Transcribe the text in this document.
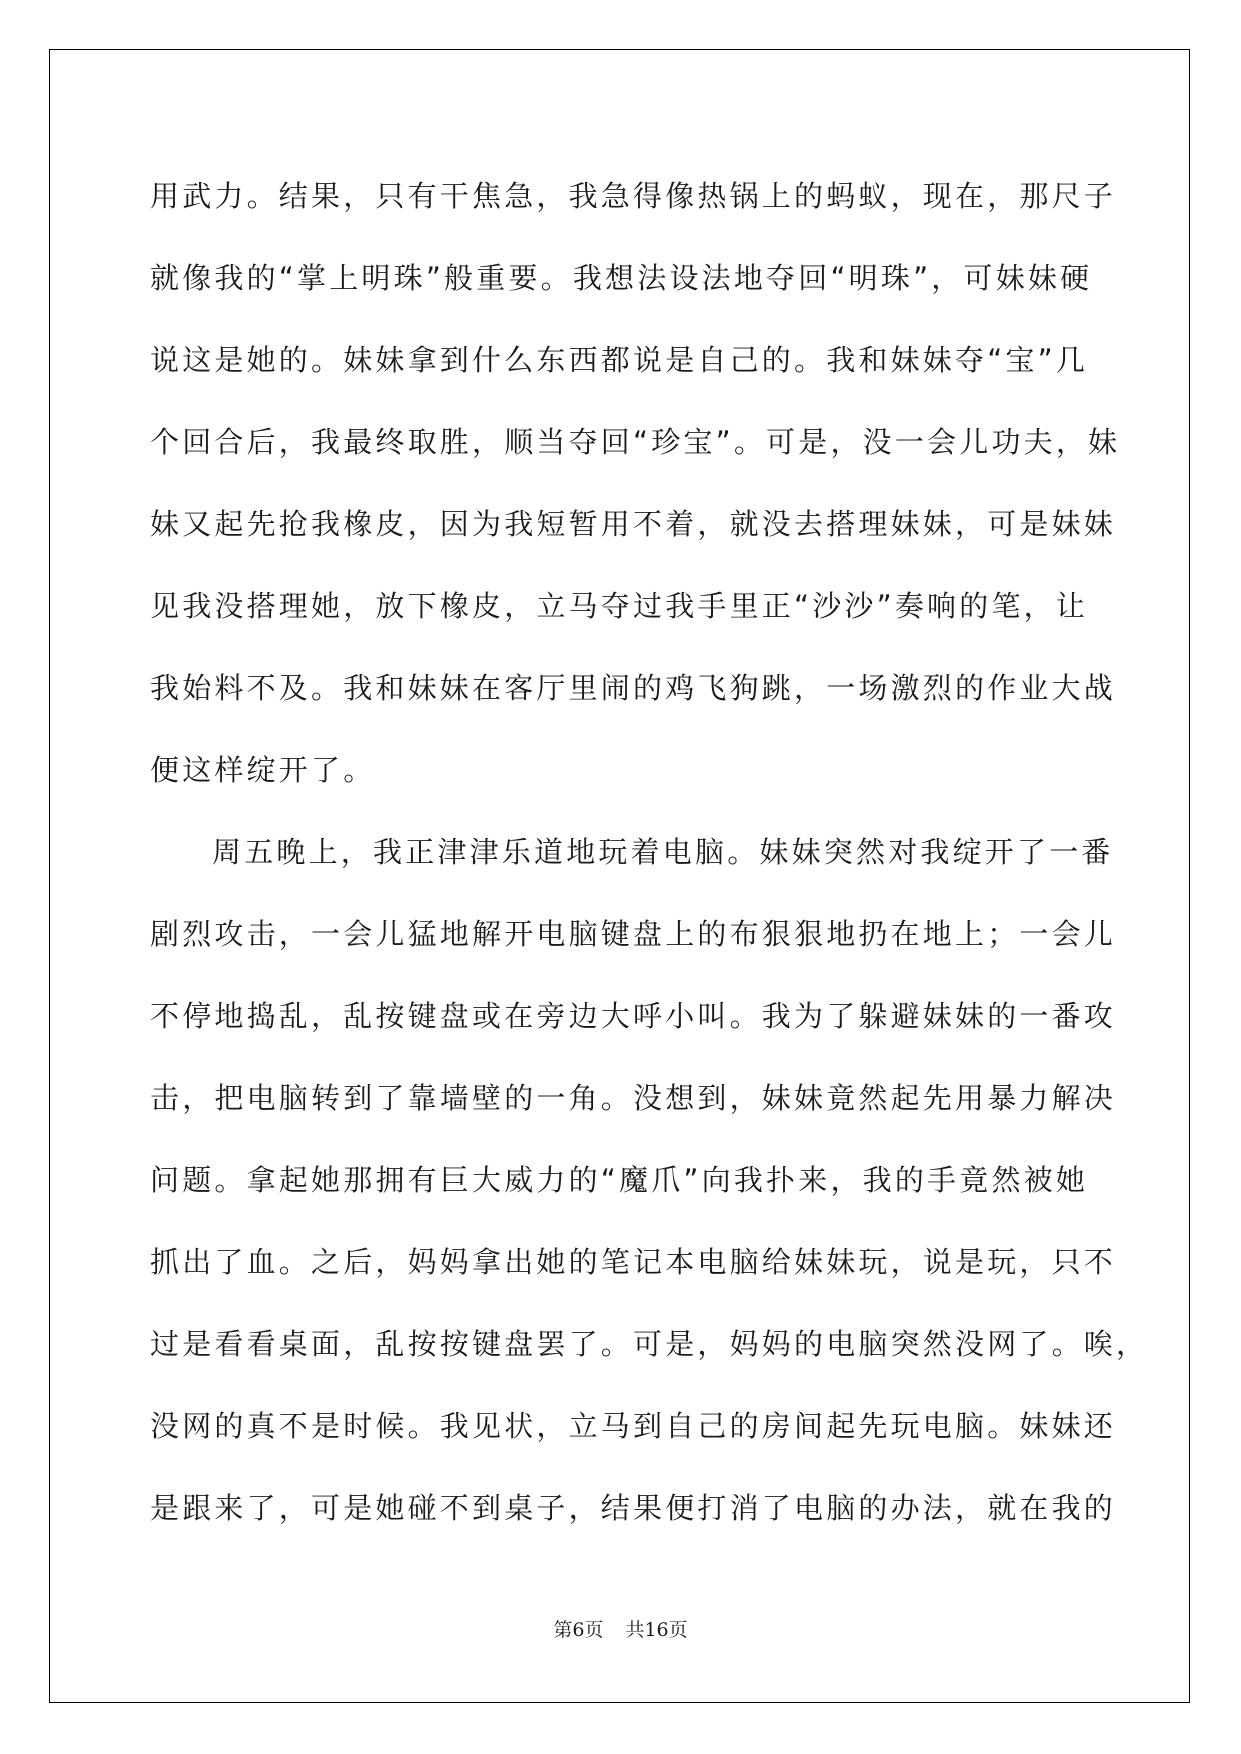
用武力。结果，只有干焦急，我急得像热锅上的蚂蚁，现在，那尺子
就像我的“掌上明珠”般重要。我想法设法地夺回“明珠”，可妹妹硬
说这是她的。妹妹拿到什么东西都说是自己的。我和妹妹夺“宝”几
个回合后，我最终取胜，顺当夺回“珍宝”。可是，没一会儿功夫，妹
妹又起先抢我橡皮，因为我短暂用不着，就没去搭理妹妹，可是妹妹
见我没搭理她，放下橡皮，立马夺过我手里正“沙沙”奏响的笔，让
我始料不及。我和妹妹在客厅里闹的鸡飞狗跳，一场激烈的作业大战
便这样绽开了。
周五晚上，我正津津乐道地玩着电脑。妹妹突然对我绽开了一番
剧烈攻击，一会儿猛地解开电脑键盘上的布狠狠地扔在地上；一会儿
不停地捣乱，乱按键盘或在旁边大呼小叫。我为了躲避妹妹的一番攻
击，把电脑转到了靠墙壁的一角。没想到，妹妹竟然起先用暴力解决
问题。拿起她那拥有巨大威力的“魔爪”向我扑来，我的手竟然被她
抓出了血。之后，妈妈拿出她的笔记本电脑给妹妹玩，说是玩，只不
过是看看桌面，乱按按键盘罢了。可是，妈妈的电脑突然没网了。唉，
没网的真不是时候。我见状，立马到自己的房间起先玩电脑。妹妹还
是跟来了，可是她碰不到桌子，结果便打消了电脑的办法，就在我的
第6页 共16页
